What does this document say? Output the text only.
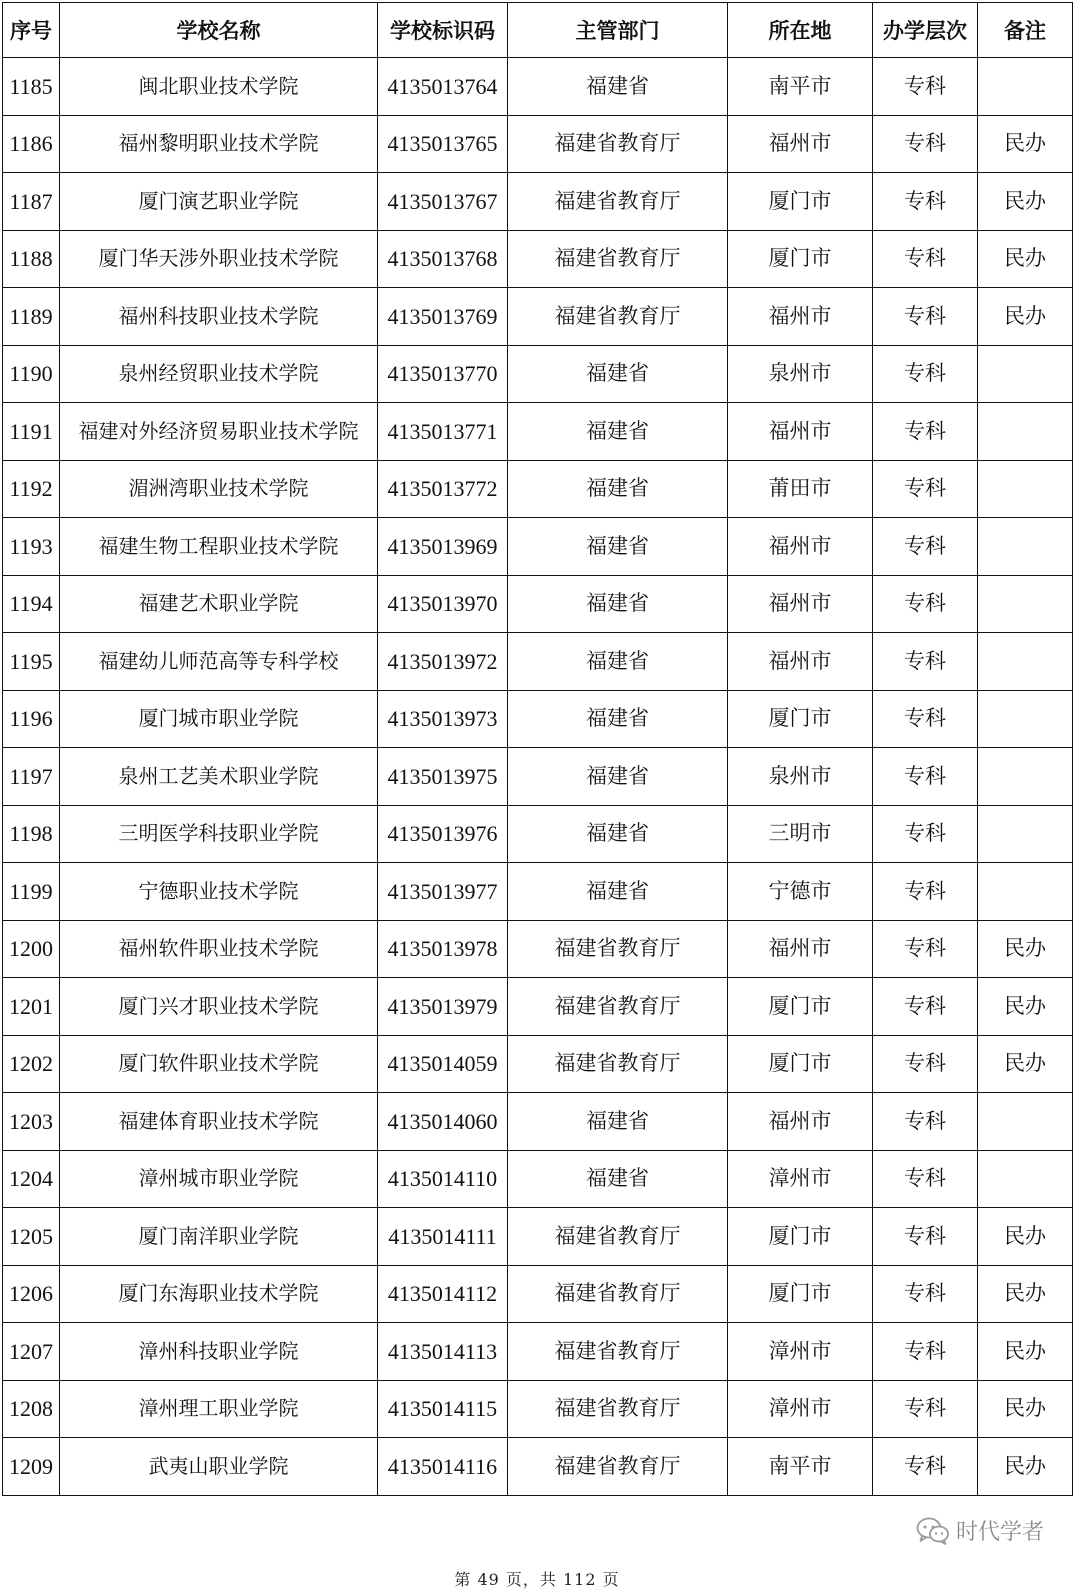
序号	学校名称	学校标识码	主管部门	所在地	办学层次	备注
1185	闽北职业技术学院	4135013764	福建省	南平市	专科	
1186	福州黎明职业技术学院	4135013765	福建省教育厅	福州市	专科	民办
1187	厦门演艺职业学院	4135013767	福建省教育厅	厦门市	专科	民办
1188	厦门华天涉外职业技术学院	4135013768	福建省教育厅	厦门市	专科	民办
1189	福州科技职业技术学院	4135013769	福建省教育厅	福州市	专科	民办
1190	泉州经贸职业技术学院	4135013770	福建省	泉州市	专科	
1191	福建对外经济贸易职业技术学院	4135013771	福建省	福州市	专科	
1192	湄洲湾职业技术学院	4135013772	福建省	莆田市	专科	
1193	福建生物工程职业技术学院	4135013969	福建省	福州市	专科	
1194	福建艺术职业学院	4135013970	福建省	福州市	专科	
1195	福建幼儿师范高等专科学校	4135013972	福建省	福州市	专科	
1196	厦门城市职业学院	4135013973	福建省	厦门市	专科	
1197	泉州工艺美术职业学院	4135013975	福建省	泉州市	专科	
1198	三明医学科技职业学院	4135013976	福建省	三明市	专科	
1199	宁德职业技术学院	4135013977	福建省	宁德市	专科	
1200	福州软件职业技术学院	4135013978	福建省教育厅	福州市	专科	民办
1201	厦门兴才职业技术学院	4135013979	福建省教育厅	厦门市	专科	民办
1202	厦门软件职业技术学院	4135014059	福建省教育厅	厦门市	专科	民办
1203	福建体育职业技术学院	4135014060	福建省	福州市	专科	
1204	漳州城市职业学院	4135014110	福建省	漳州市	专科	
1205	厦门南洋职业学院	4135014111	福建省教育厅	厦门市	专科	民办
1206	厦门东海职业技术学院	4135014112	福建省教育厅	厦门市	专科	民办
1207	漳州科技职业学院	4135014113	福建省教育厅	漳州市	专科	民办
1208	漳州理工职业学院	4135014115	福建省教育厅	漳州市	专科	民办
1209	武夷山职业学院	4135014116	福建省教育厅	南平市	专科	民办
时代学者
第 49 页，共 112 页
